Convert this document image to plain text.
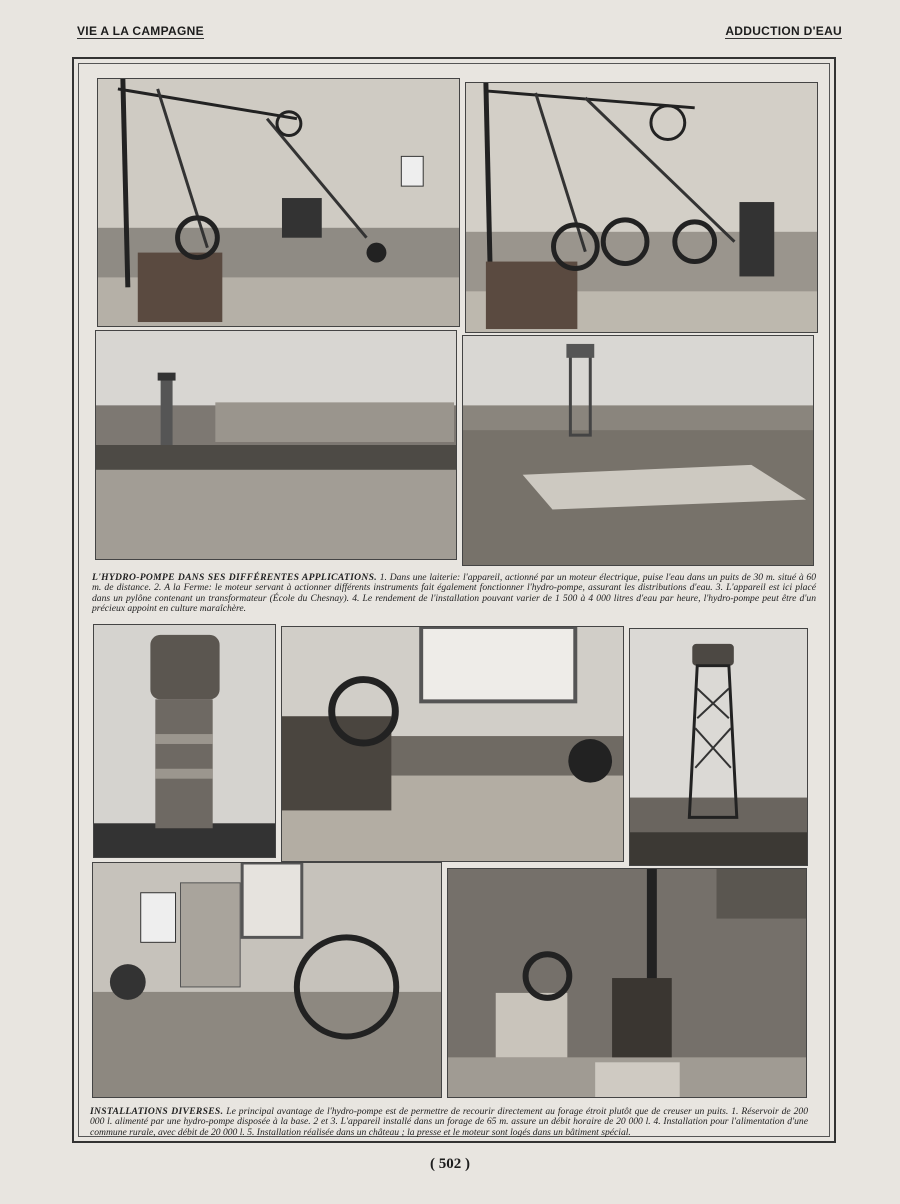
VIE A LA CAMPAGNE	ADDUCTION D'EAU
L'HYDRO-POMPE DANS SES DIFFÉRENTES APPLICATIONS. 1. Dans une laiterie: l'appareil, actionné par un moteur électrique, puise l'eau dans un puits de 30 m. situé à 60 m. de distance. 2. A la Ferme: le moteur servant à actionner différents instruments fait également fonctionner l'hydro-pompe, assurant les distributions d'eau. 3. L'appareil est ici placé dans un pylône contenant un transformateur (École du Chesnay). 4. Le rendement de l'installation pouvant varier de 1 500 à 4 000 litres d'eau par heure, l'hydro-pompe peut être d'un précieux appoint en culture maraîchère.
INSTALLATIONS DIVERSES. Le principal avantage de l'hydro-pompe est de permettre de recourir directement au forage étroit plutôt que de creuser un puits. 1. Réservoir de 200 000 l. alimenté par une hydro-pompe disposée à la base. 2 et 3. L'appareil installé dans un forage de 65 m. assure un débit horaire de 20 000 l. 4. Installation pour l'alimentation d'une commune rurale, avec débit de 20 000 l. 5. Installation réalisée dans un château ; la presse et le moteur sont logés dans un bâtiment spécial.
( 502 )
